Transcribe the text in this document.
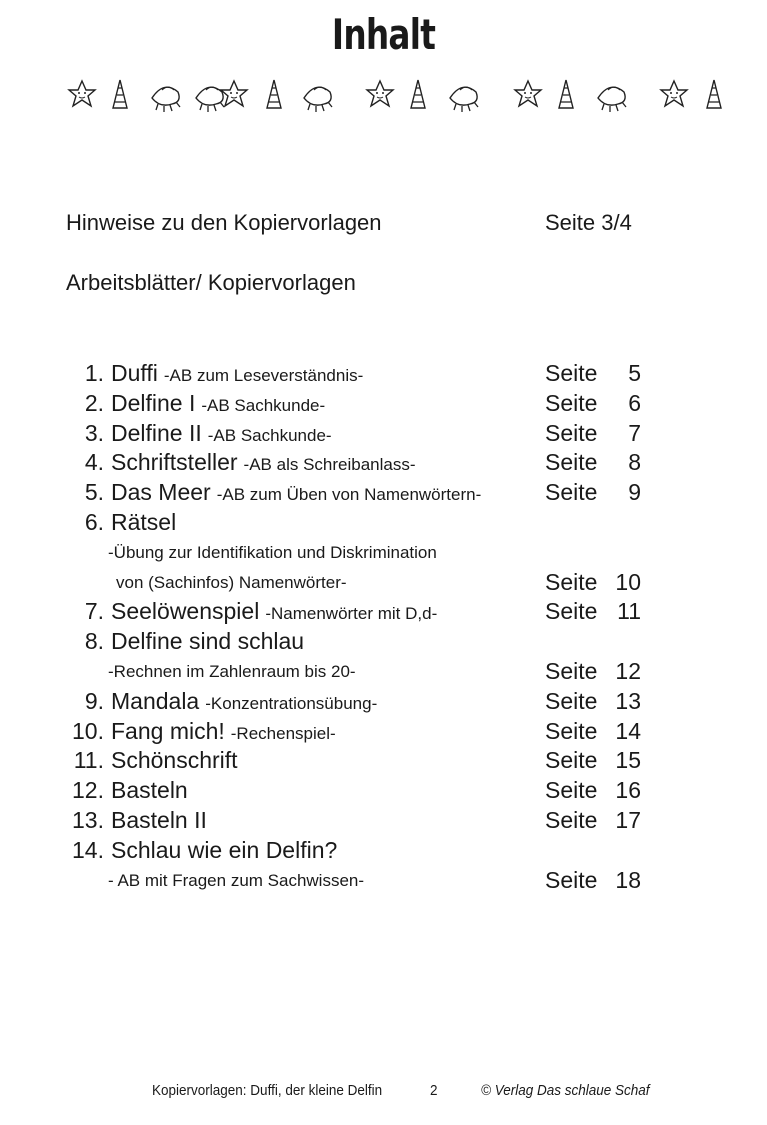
Inhalt
Hinweise zu den Kopiervorlagen	Seite 3/4
Arbeitsblätter/ Kopiervorlagen
1. Duffi -AB zum Leseverständnis-	Seite	5
2. Delfine I -AB Sachkunde-	Seite	6
3. Delfine II -AB Sachkunde-	Seite	7
4. Schriftsteller -AB als Schreibanlass-	Seite	8
5. Das Meer -AB zum Üben von Namenwörtern-	Seite	9
6. Rätsel
-Übung zur Identifikation und Diskrimination
von (Sachinfos) Namenwörter-	Seite 10
7. Seelöwenspiel -Namenwörter mit D,d-	Seite 11
8. Delfine sind schlau
-Rechnen im Zahlenraum bis 20-	Seite 12
9. Mandala -Konzentrationsübung-	Seite 13
10. Fang mich! -Rechenspiel-	Seite 14
11. Schönschrift	Seite 15
12. Basteln	Seite 16
13. Basteln II	Seite 17
14. Schlau wie ein Delfin?
- AB mit Fragen zum Sachwissen-	Seite 18
Kopiervorlagen: Duffi, der kleine Delfin	2	© Verlag Das schlaue Schaf
